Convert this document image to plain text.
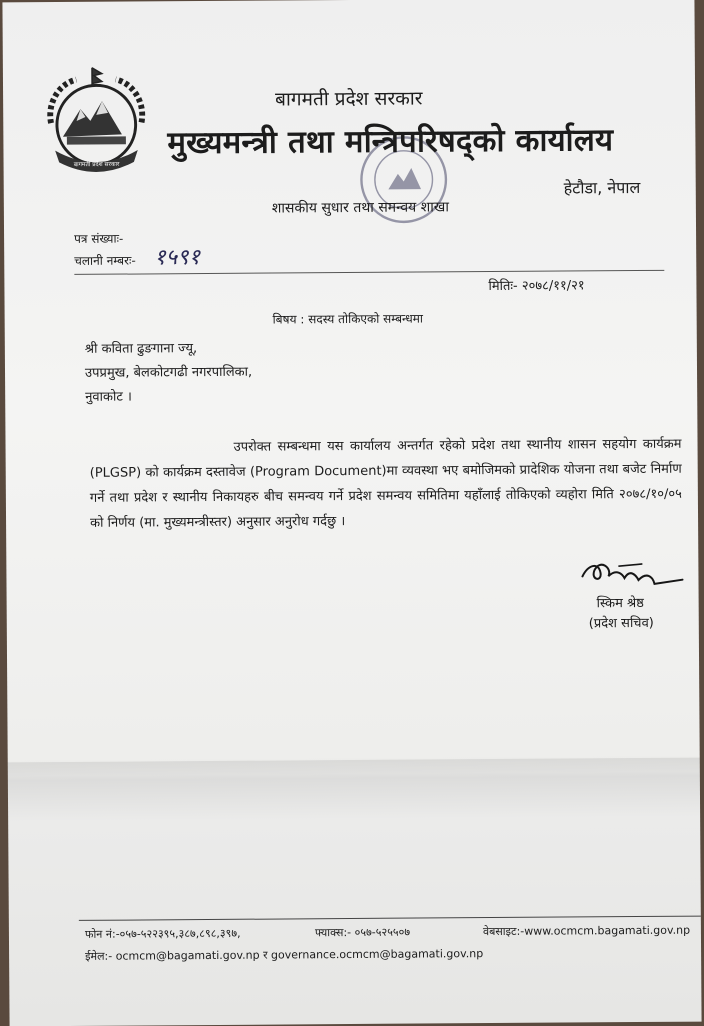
बागमती प्रदेश सरकार
बागमती प्रदेश सरकार
मुख्यमन्त्री तथा मन्त्रिपरिषद्को कार्यालय
हेटौडा, नेपाल
शासकीय सुधार तथा समन्वय शाखा
पत्र संख्याः-
चलानी नम्बरः- १५९१
मितिः- २०७८/११/२१
बिषय : सदस्य तोकिएको सम्बन्धमा
श्री कविता ढुङगाना ज्यू,
उपप्रमुख, बेलकोटगढी नगरपालिका,
नुवाकोट ।

उपरोक्त सम्बन्धमा यस कार्यालय अन्तर्गत रहेको प्रदेश तथा स्थानीय शासन सहयोग कार्यक्रम (PLGSP) को कार्यक्रम दस्तावेज (Program Document)मा व्यवस्था भए बमोजिमको प्रादेशिक योजना तथा बजेट निर्माण गर्ने तथा प्रदेश र स्थानीय निकायहरु बीच समन्वय गर्ने प्रदेश समन्वय समितिमा यहाँलाई तोकिएको व्यहोरा मिति २०७८/१०/०५ को निर्णय (मा. मुख्यमन्त्रीस्तर) अनुसार अनुरोध गर्दछु ।

स्किम श्रेष्ठ
(प्रदेश सचिव)
फोन नं:-०५७-५२२३९५,३८७,८९८,३९७,	फ्याक्स:- ०५७-५२५५०७	वेबसाइट:-www.ocmcm.bagamati.gov.np
ईमेल:- ocmcm@bagamati.gov.np र governance.ocmcm@bagamati.gov.np
